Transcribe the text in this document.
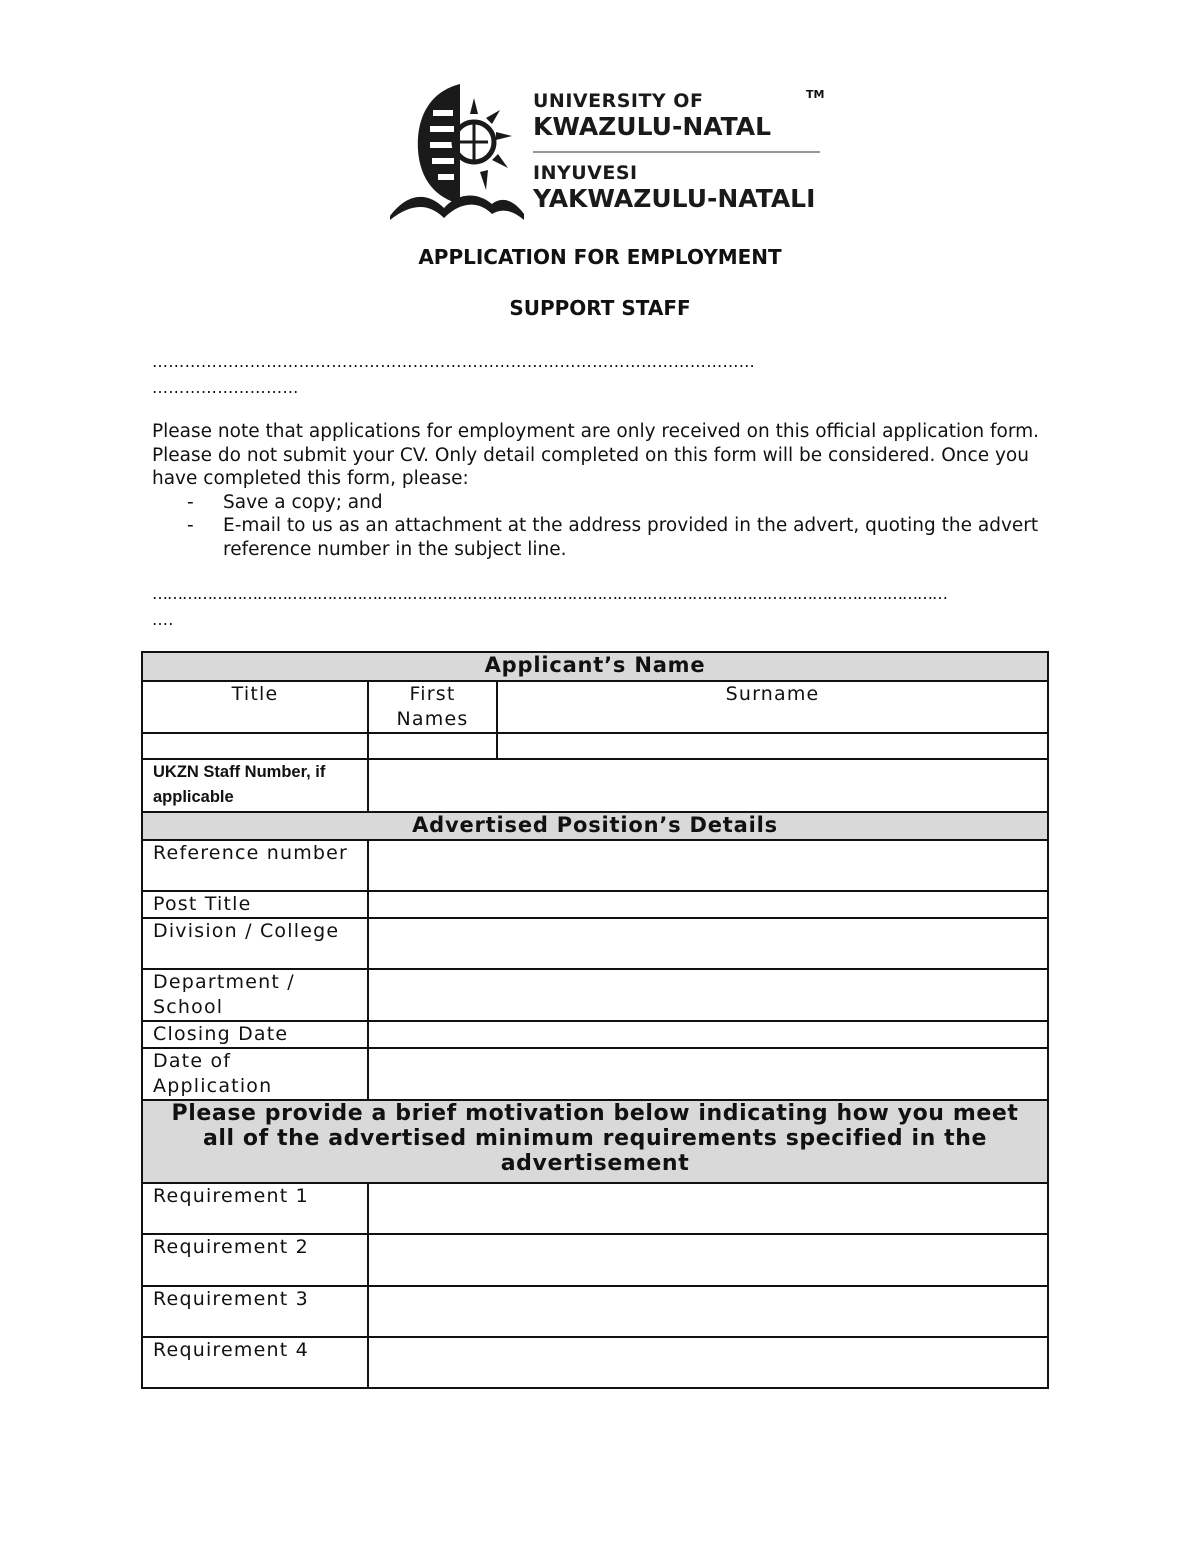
UNIVERSITY OF	TM
KWAZULU-NATAL
INYUVESI
YAKWAZULU-NATALI
APPLICATION FOR EMPLOYMENT
SUPPORT STAFF
…………………………………………………………………………………………………
………………………

Please note that applications for employment are only received on this official application form. Please do not submit your CV. Only detail completed on this form will be considered. Once you have completed this form, please:

- Save a copy; and
- E-mail to us as an attachment at the address provided in the advert, quoting the advert reference number in the subject line.
……………………………………………………………………………………………………………………………………………
….
Applicant’s Name		
Title	First Names	Surname

UKZN Staff Number, if applicable		
Advertised Position’s Details		
Reference number		
Post Title		
Division / College		
Department / School		
Closing Date		
Date of Application		
Please provide a brief motivation below indicating how you meet all of the advertised minimum requirements specified in the advertisement		
Requirement 1		
Requirement 2		
Requirement 3		
Requirement 4		
